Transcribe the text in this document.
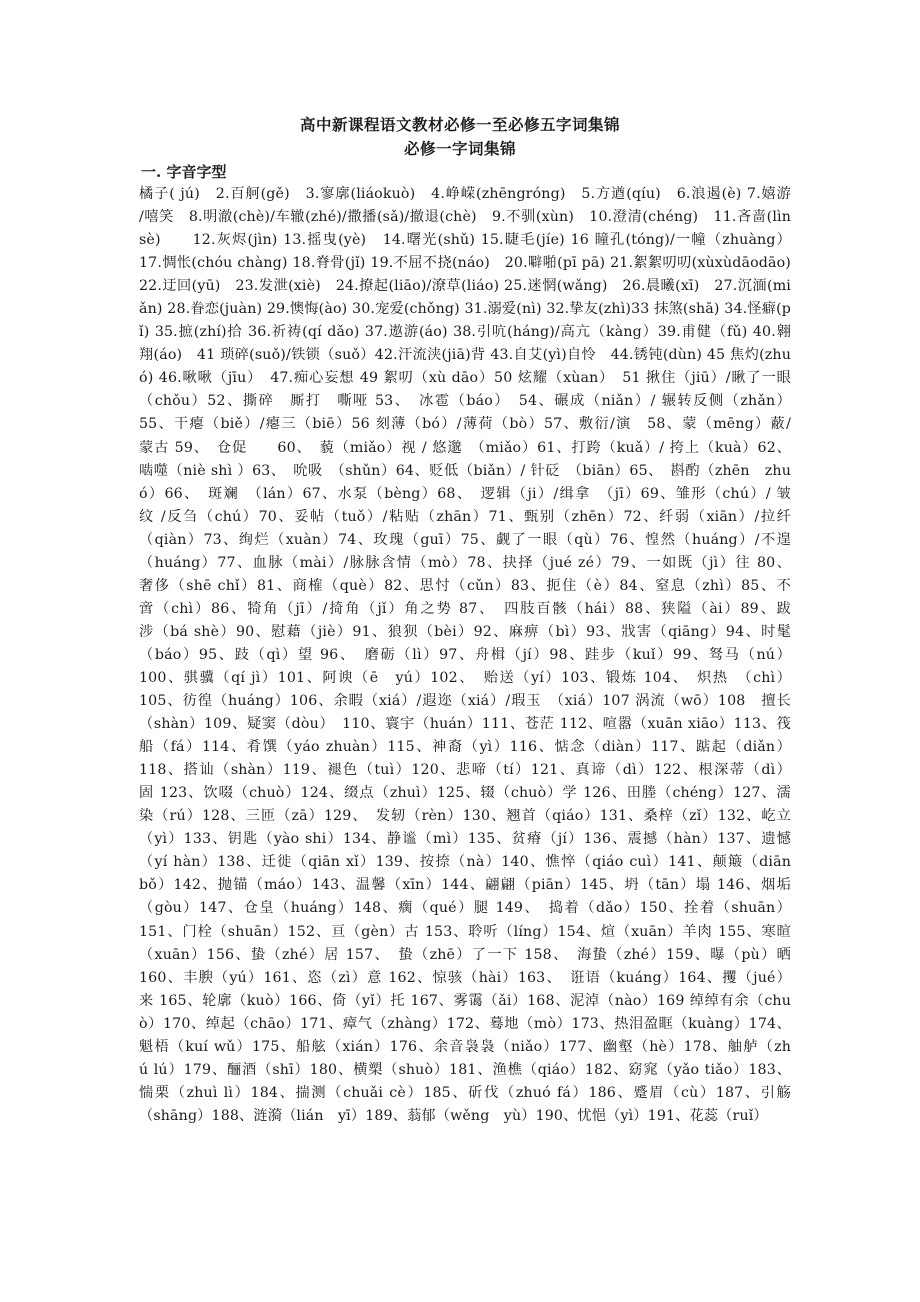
高中新课程语文教材必修一至必修五字词集锦
必修一字词集锦
一. 字音字型
橘子( jú)　2.百舸(gě)　3.寥廓(liáokuò)　4.峥嵘(zhēngróng)　5.方遒(qíu)　6.浪遏(è) 7.嬉游
/嘻笑　8.明澈(chè)/车辙(zhé)/撒播(sǎ)/撤退(chè)　9.不驯(xùn)　10.澄清(chéng)　11.吝啬(lìn
sè)　　12.灰烬(jìn) 13.摇曳(yè)　14.曙光(shǔ) 15.睫毛(jíe) 16 瞳孔(tóng)/一幢（zhuàng）
17.惆怅(chóu chàng) 18.脊骨(jǐ) 19.不屈不挠(náo)　20.噼啪(pī pā) 21.絮絮叨叨(xùxùdāodāo)
22.迂回(yū)　23.发泄(xiè)　24.撩起(liāo)/潦草(liáo) 25.迷惘(wǎng)　26.晨曦(xī)　27.沉湎(mi
ǎn) 28.眷恋(juàn) 29.懊悔(ào) 30.宠爱(chǒng) 31.溺爱(nì) 32.挚友(zhì)33 抹煞(shā) 34.怪癖(p
ǐ) 35.摭(zhí)拾 36.祈祷(qí dǎo) 37.遨游(áo) 38.引吭(háng)/高亢（kàng）39.甫健（fǔ) 40.翱
翔(áo)　41 琐碎(suǒ)/铁锁（suǒ）42.汗流浃(jiā)背 43.自艾(yì)自怜　44.锈钝(dùn) 45 焦灼(zhu
ó) 46.啾啾（jīu）　47.痴心妄想 49 絮叨（xù dāo）50 炫耀（xùan）　51 揪住（jiū）/瞅了一眼
（chǒu）52、撕碎　厮打　嘶哑 53、　冰雹（báo）　54、碾成（niǎn）/ 辗转反侧（zhǎn）
55、干瘪（biě）/瘪三（biē）56 刻薄（bó）/薄荷（bò）57、敷衍/演　58、蒙（mēng）蔽/
蒙古 59、　仓促　　60、　藐（miǎo）视 / 悠邈　（miǎo）61、打跨（kuǎ）/ 挎上（kuà）62、
啮噬（niè shì ）63、　吮吸　（shǔn）64、贬低（biǎn）/ 针砭　（biān）65、　斟酌（zhēn　zhu
ó）66、　斑斓　（lán）67、水泵（bèng）68、　逻辑（ji）/缉拿　（jī）69、雏形（chú）/ 皱
纹 /反刍（chú）70、妥帖（tuǒ）/粘贴（zhān）71、甄别（zhēn）72、纤弱（xiān）/拉纤
（qiàn）73、绚烂（xuàn）74、玫瑰（guī）75、觑了一眼（qù）76、惶然（huáng）/不遑
（huáng）77、血脉（mài）/脉脉含情（mò）78、抉择（jué zé）79、一如既（jì）往 80、
奢侈（shē chǐ）81、商榷（què）82、思忖（cǔn）83、扼住（è）84、窒息（zhì）85、不
啻（chì）86、犄角（jī）/掎角（jǐ）角之势 87、　四肢百骸（hái）88、狭隘（ài）89、跋
涉（bá shè）90、慰藉（jiè）91、狼狈（bèi）92、麻痹（bì）93、戕害（qiāng）94、时髦
（báo）95、跂（qì）望 96、　磨砺（lì）97、舟楫（jí）98、跬步（kuǐ）99、驽马（nú）
100、骐骥（qí jì）101、阿谀（ē　yú）102、　贻送（yí）103、锻炼 104、　炽热　（chì）
105、彷徨（huáng）106、余暇（xiá）/遐迩（xiá）/瑕玉　（xiá）107 涡流（wō）108　擅长
（shàn）109、疑窦（dòu）　110、寰宇（huán）111、苍茫 112、喧嚣（xuān xiāo）113、筏
船（fá）114、肴馔（yáo zhuàn）115、神裔（yì）116、惦念（diàn）117、踮起（diǎn）
118、搭讪（shàn）119、褪色（tuì）120、悲啼（tí）121、真谛（dì）122、根深蒂（dì）
固 123、饮啜（chuò）124、缀点（zhuì）125、辍（chuò）学 126、田塍（chéng）127、濡
染（rú）128、三匝（zā）129、　发轫（rèn）130、翘首（qiáo）131、桑梓（zǐ）132、屹立
（yì）133、钥匙（yào shi）134、静谧（mì）135、贫瘠（jí）136、震撼（hàn）137、遗憾
（yí hàn）138、迁徙（qiān xǐ）139、按捺（nà）140、憔悴（qiáo cuì）141、颠簸（diān
bǒ）142、抛锚（máo）143、温馨（xīn）144、翩翩（piān）145、坍（tān）塌 146、烟垢
（gòu）147、仓皇（huáng）148、瘸（qué）腿 149、　捣着（dǎo）150、拴着（shuān）
151、门栓（shuān）152、亘（gèn）古 153、聆听（líng）154、煊（xuān）羊肉 155、寒暄
（xuān）156、蛰（zhé）居 157、　蛰（zhē）了一下 158、　海蛰（zhé）159、曝（pù）晒
160、丰腴（yú）161、恣（zì）意 162、惊骇（hài）163、　诳语（kuáng）164、攫（jué）
来 165、轮廓（kuò）166、倚（yǐ）托 167、雾霭（ǎi）168、泥淖（nào）169 绰绰有余（chu
ò）170、绰起（chāo）171、瘴气（zhàng）172、蓦地（mò）173、热泪盈眶（kuàng）174、
魁梧（kuí wǔ）175、船舷（xián）176、余音袅袅（niǎo）177、幽壑（hè）178、舳舻（zh
ú lú）179、酾酒（shī）180、横槊（shuò）181、渔樵（qiáo）182、窈窕（yǎo tiǎo）183、
惴栗（zhuì lì）184、揣测（chuǎi cè）185、斫伐（zhuó fá）186、蹙眉（cù）187、引觞
（shāng）188、涟漪（lián　yī）189、蓊郁（wěng　yù）190、忧悒（yì）191、花蕊（ruǐ）
